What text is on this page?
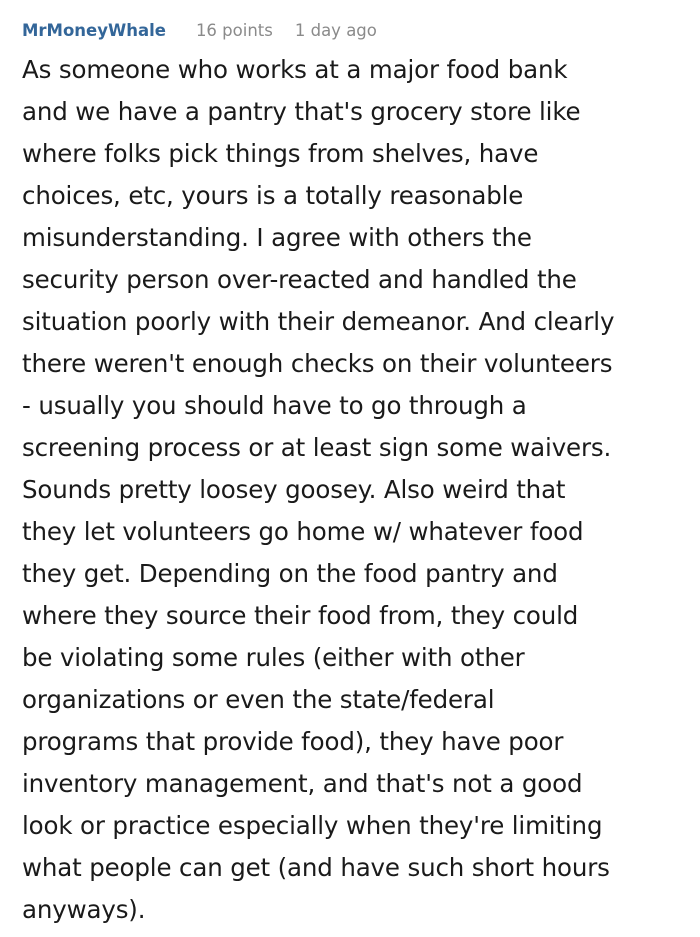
MrMoneyWhale 16 points 1 day ago

As someone who works at a major food bank
and we have a pantry that's grocery store like
where folks pick things from shelves, have
choices, etc, yours is a totally reasonable
misunderstanding. I agree with others the
security person over-reacted and handled the
situation poorly with their demeanor. And clearly
there weren't enough checks on their volunteers
- usually you should have to go through a
screening process or at least sign some waivers.
Sounds pretty loosey goosey. Also weird that
they let volunteers go home w/ whatever food
they get. Depending on the food pantry and
where they source their food from, they could
be violating some rules (either with other
organizations or even the state/federal
programs that provide food), they have poor
inventory management, and that's not a good
look or practice especially when they're limiting
what people can get (and have such short hours
anyways).
